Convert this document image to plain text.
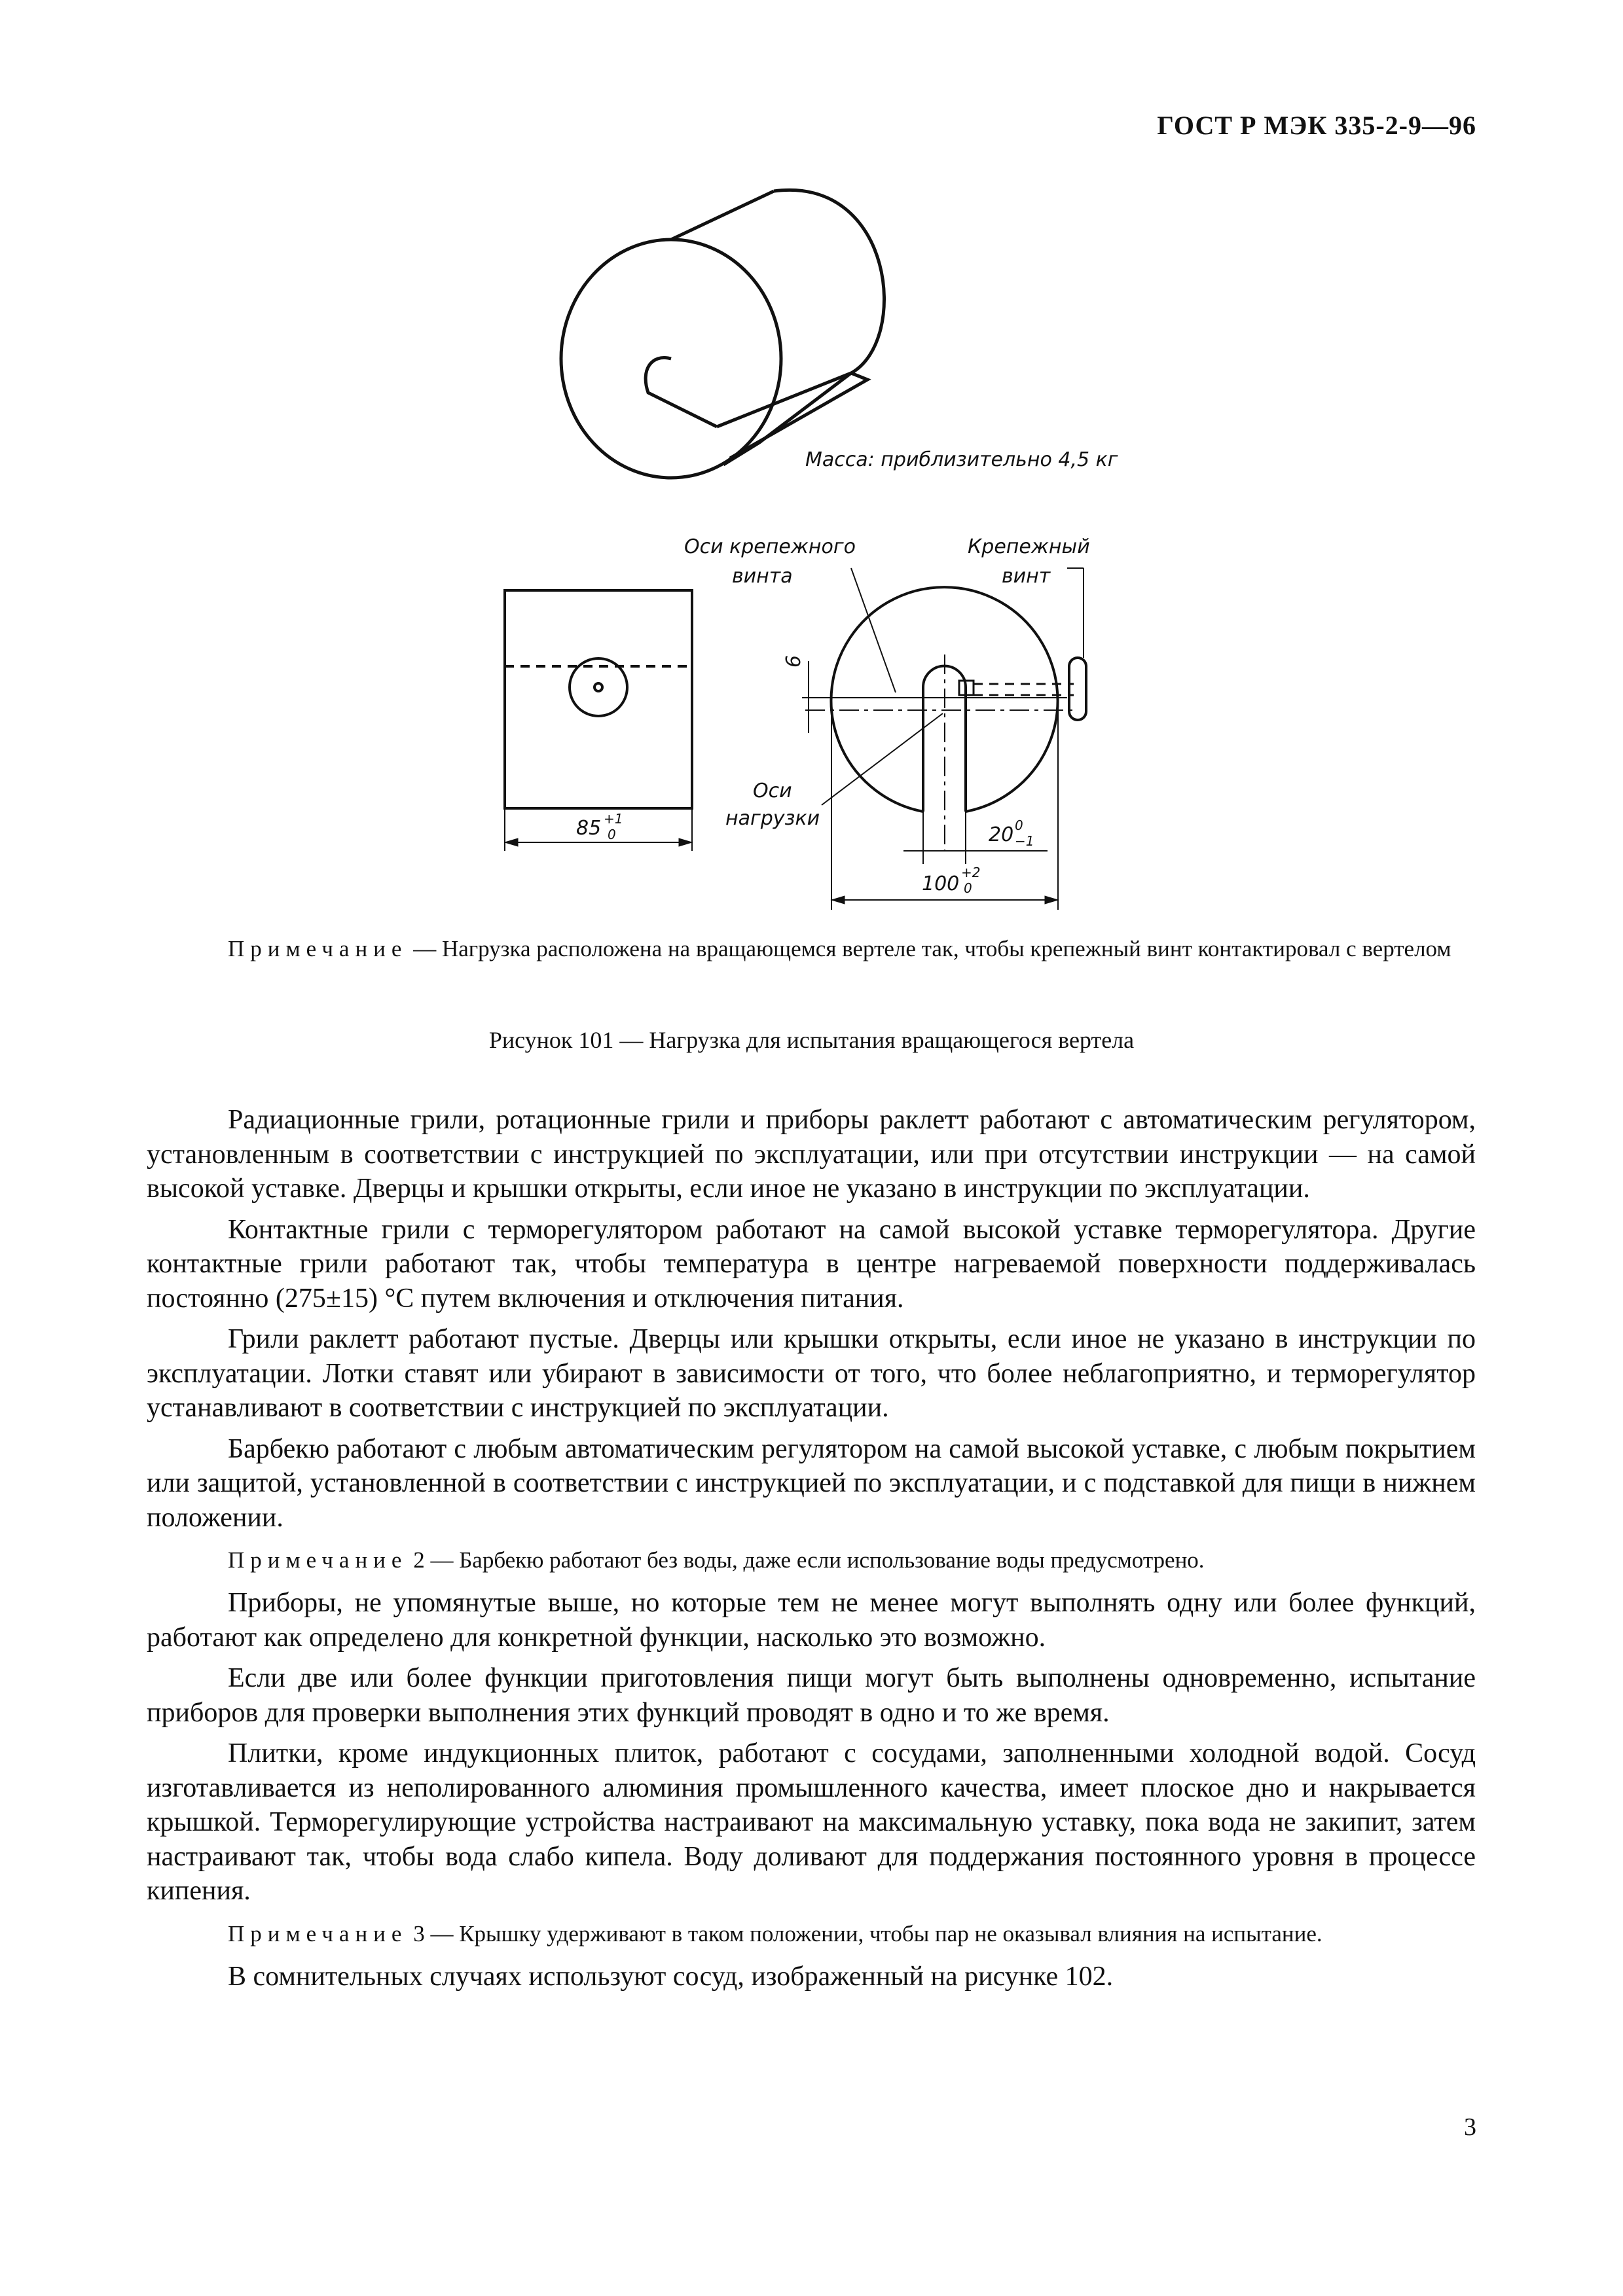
ГОСТ Р МЭК 335-2-9—96
Масса: приблизительно 4,5 кг
85 +1
0
Оси крепежного
винта
Крепежный
винт
Оси
нагрузки
6
20 0
−1
100 +2
0
Примечание — Нагрузка расположена на вращающемся вертеле так, чтобы крепежный винт контактировал с вертелом
Рисунок 101 — Нагрузка для испытания вращающегося вертела

Радиационные грили, ротационные грили и приборы раклетт работают с автоматическим регулятором, установленным в соответствии с инструкцией по эксплуатации, или при отсутствии инструкции — на самой высокой уставке. Дверцы и крышки открыты, если иное не указано в инструкции по эксплуатации.

Контактные грили с терморегулятором работают на самой высокой уставке терморегулятора. Другие контактные грили работают так, чтобы температура в центре нагреваемой поверхности поддерживалась постоянно (275±15) °С путем включения и отключения питания.

Грили раклетт работают пустые. Дверцы или крышки открыты, если иное не указано в инструкции по эксплуатации. Лотки ставят или убирают в зависимости от того, что более неблагоприятно, и терморегулятор устанавливают в соответствии с инструкцией по эксплуатации.

Барбекю работают с любым автоматическим регулятором на самой высокой уставке, с любым покрытием или защитой, установленной в соответствии с инструкцией по эксплуатации, и с подставкой для пищи в нижнем положении.

Примечание 2 — Барбекю работают без воды, даже если использование воды предусмотрено.

Приборы, не упомянутые выше, но которые тем не менее могут выполнять одну или более функций, работают как определено для конкретной функции, насколько это возможно.

Если две или более функции приготовления пищи могут быть выполнены одновременно, испытание приборов для проверки выполнения этих функций проводят в одно и то же время.

Плитки, кроме индукционных плиток, работают с сосудами, заполненными холодной водой. Сосуд изготавливается из неполированного алюминия промышленного качества, имеет плоское дно и накрывается крышкой. Терморегулирующие устройства настраивают на максимальную уставку, пока вода не закипит, затем настраивают так, чтобы вода слабо кипела. Воду доливают для поддержания постоянного уровня в процессе кипения.

Примечание 3 — Крышку удерживают в таком положении, чтобы пар не оказывал влияния на испытание.

В сомнительных случаях используют сосуд, изображенный на рисунке 102.

3
